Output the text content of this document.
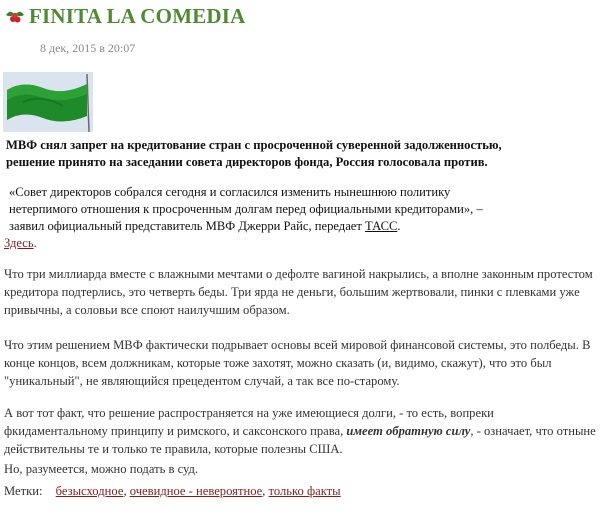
FINITA LA COMEDIA
8 дек, 2015 в 20:07
МВФ снял запрет на кредитование стран с просроченной суверенной задолженностью, решение принято на заседании совета директоров фонда, Россия голосовала против.
«Совет директоров собрался сегодня и согласился изменить нынешнюю политику нетерпимого отношения к просроченным долгам перед официальными кредиторами», – заявил официальный представитель МВФ Джерри Райс, передает ТАСС.
Здесь.

Что три миллиарда вместе с влажными мечтами о дефолте вагиной накрылись, а вполне законным протестом кредитора подтерлись, это четверть беды. Три ярда не деньги, большим жертвовали, пинки с плевками уже привычны, а соловьи все споют наилучшим образом.

Что этим решением МВФ фактически подрывает основы всей мировой финансовой системы, это полбеды. В конце концов, всем должникам, которые тоже захотят, можно сказать (и, видимо, скажут), что это был "уникальный", не являющийся прецедентом случай, а так все по-старому.

А вот тот факт, что решение распространяется на уже имеющиеся долги, - то есть, вопреки фкидаментальному принципу и римского, и саксонского права, имеет обратную силу, - означает, что отныне действительны те и только те правила, которые полезны США.

Но, разумеется, можно подать в суд.

Метки: безысходное, очевидное - невероятное, только факты
